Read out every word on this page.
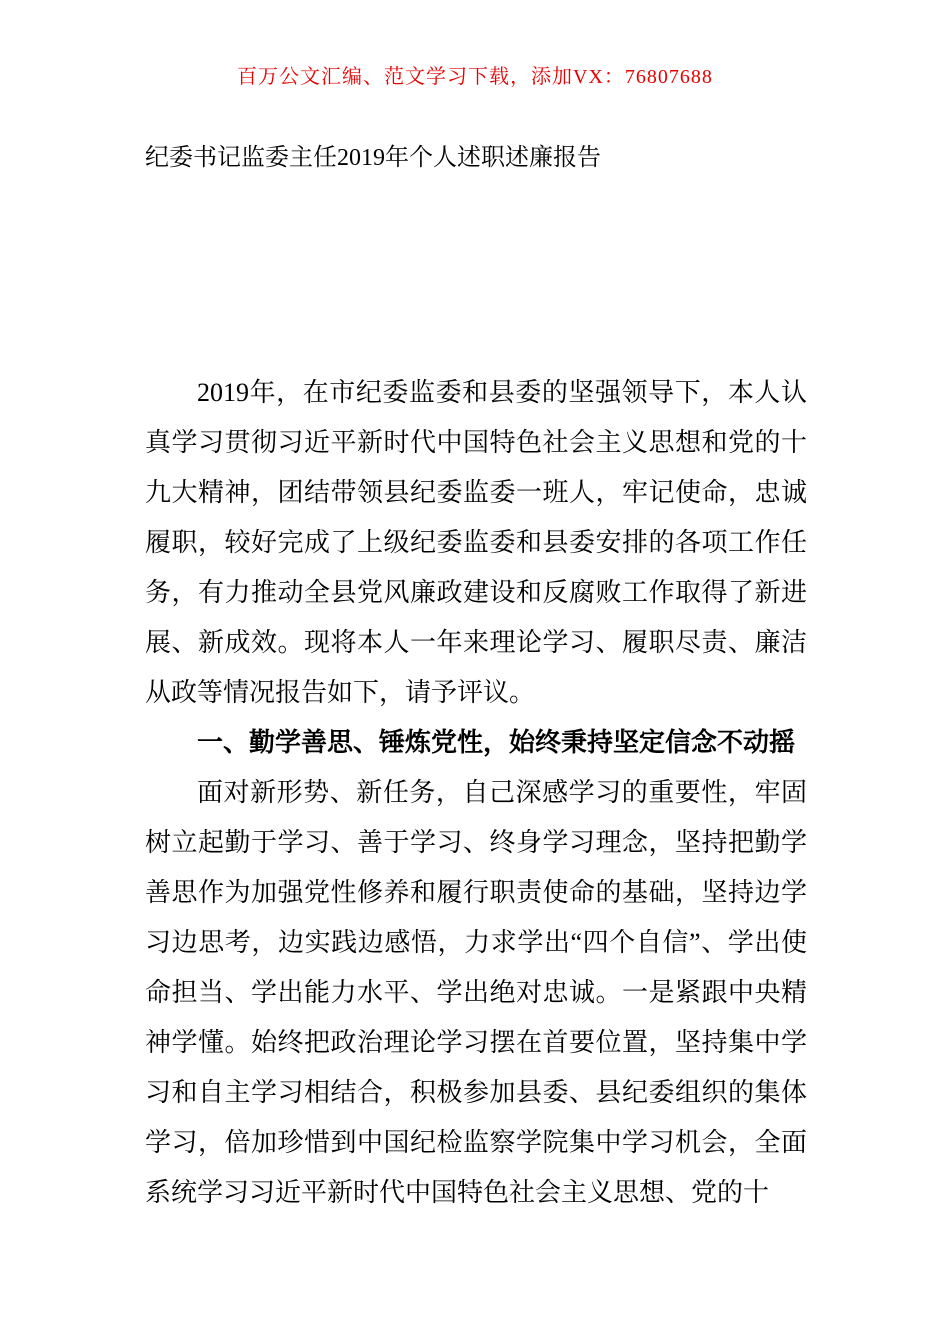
百万公文汇编、范文学习下载，添加VX：76807688
纪委书记监委主任2019年个人述职述廉报告

2019年，在市纪委监委和县委的坚强领导下，本人认真学习贯彻习近平新时代中国特色社会主义思想和党的十九大精神，团结带领县纪委监委一班人，牢记使命，忠诚履职，较好完成了上级纪委监委和县委安排的各项工作任务，有力推动全县党风廉政建设和反腐败工作取得了新进展、新成效。现将本人一年来理论学习、履职尽责、廉洁从政等情况报告如下，请予评议。

一、勤学善思、锤炼党性，始终秉持坚定信念不动摇

面对新形势、新任务，自己深感学习的重要性，牢固树立起勤于学习、善于学习、终身学习理念，坚持把勤学善思作为加强党性修养和履行职责使命的基础，坚持边学习边思考，边实践边感悟，力求学出“四个自信”、学出使命担当、学出能力水平、学出绝对忠诚。一是紧跟中央精神学懂。始终把政治理论学习摆在首要位置，坚持集中学习和自主学习相结合，积极参加县委、县纪委组织的集体学习，倍加珍惜到中国纪检监察学院集中学习机会，全面系统学习习近平新时代中国特色社会主义思想、党的十
